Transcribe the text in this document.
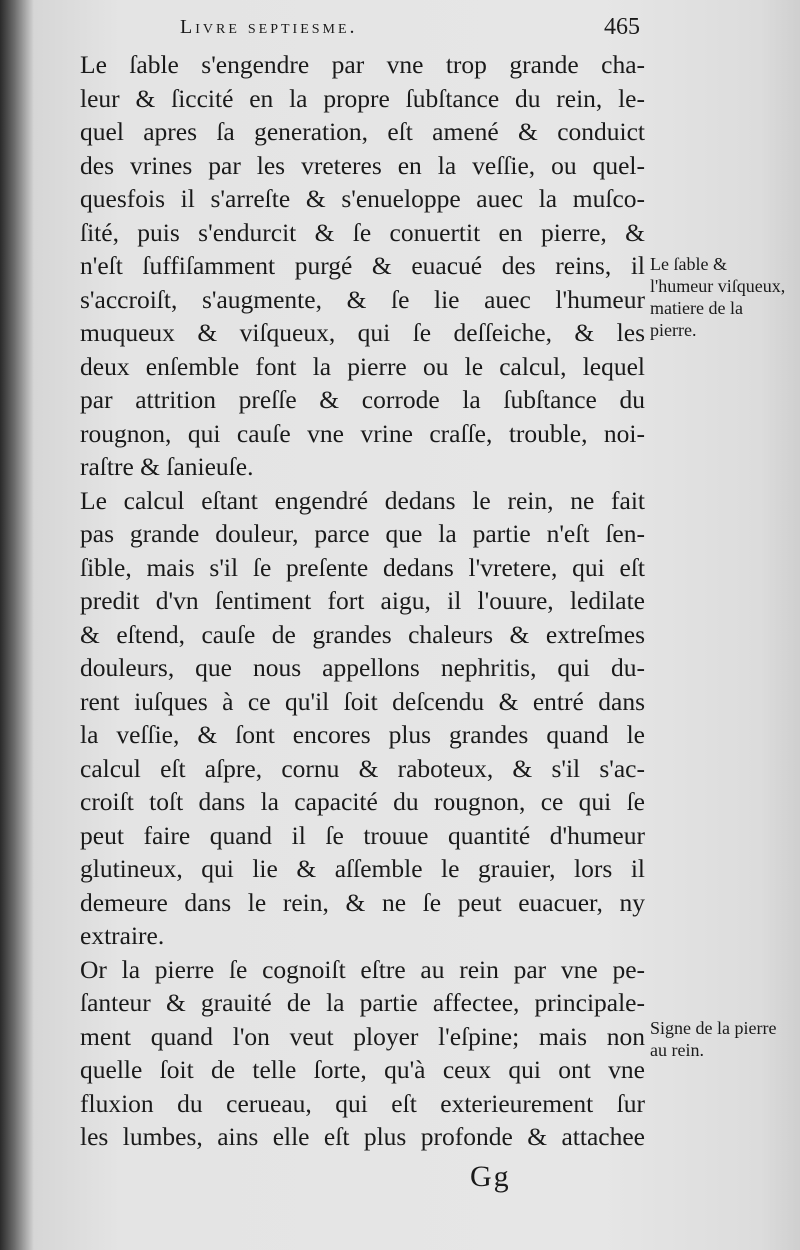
Livre septiesme.	465
Le ſable s'engendre par vne trop grande cha-
leur & ſiccité en la propre ſubſtance du rein, le-
quel apres ſa generation, eſt amené & conduict
des vrines par les vreteres en la veſſie, ou quel-
quesfois il s'arreſte & s'enueloppe auec la muſco-
ſité, puis s'endurcit & ſe conuertit en pierre, &
n'eſt ſuffiſamment purgé & euacué des reins, il
s'accroiſt, s'augmente, & ſe lie auec l'humeur
muqueux & viſqueux, qui ſe deſſeiche, & les
deux enſemble font la pierre ou le calcul, lequel
par attrition preſſe & corrode la ſubſtance du
rougnon, qui cauſe vne vrine craſſe, trouble, noi-
raſtre & ſanieuſe.
Le calcul eſtant engendré dedans le rein, ne fait
pas grande douleur, parce que la partie n'eſt ſen-
ſible, mais s'il ſe preſente dedans l'vretere, qui eſt
predit d'vn ſentiment fort aigu, il l'ouure, ledilate
& eſtend, cauſe de grandes chaleurs & extreſmes
douleurs, que nous appellons nephritis, qui du-
rent iuſques à ce qu'il ſoit deſcendu & entré dans
la veſſie, & ſont encores plus grandes quand le
calcul eſt aſpre, cornu & raboteux, & s'il s'ac-
croiſt toſt dans la capacité du rougnon, ce qui ſe
peut faire quand il ſe trouue quantité d'humeur
glutineux, qui lie & aſſemble le grauier, lors il
demeure dans le rein, & ne ſe peut euacuer, ny
extraire.
Or la pierre ſe cognoiſt eſtre au rein par vne pe-
ſanteur & grauité de la partie affectee, principale-
ment quand l'on veut ployer l'eſpine; mais non
quelle ſoit de telle ſorte, qu'à ceux qui ont vne
fluxion du cerueau, qui eſt exterieurement ſur
les lumbes, ains elle eſt plus profonde & attachee
Le ſable & l'humeur viſqueux, matiere de la pierre.
Signe de la pierre au rein.
Gg
